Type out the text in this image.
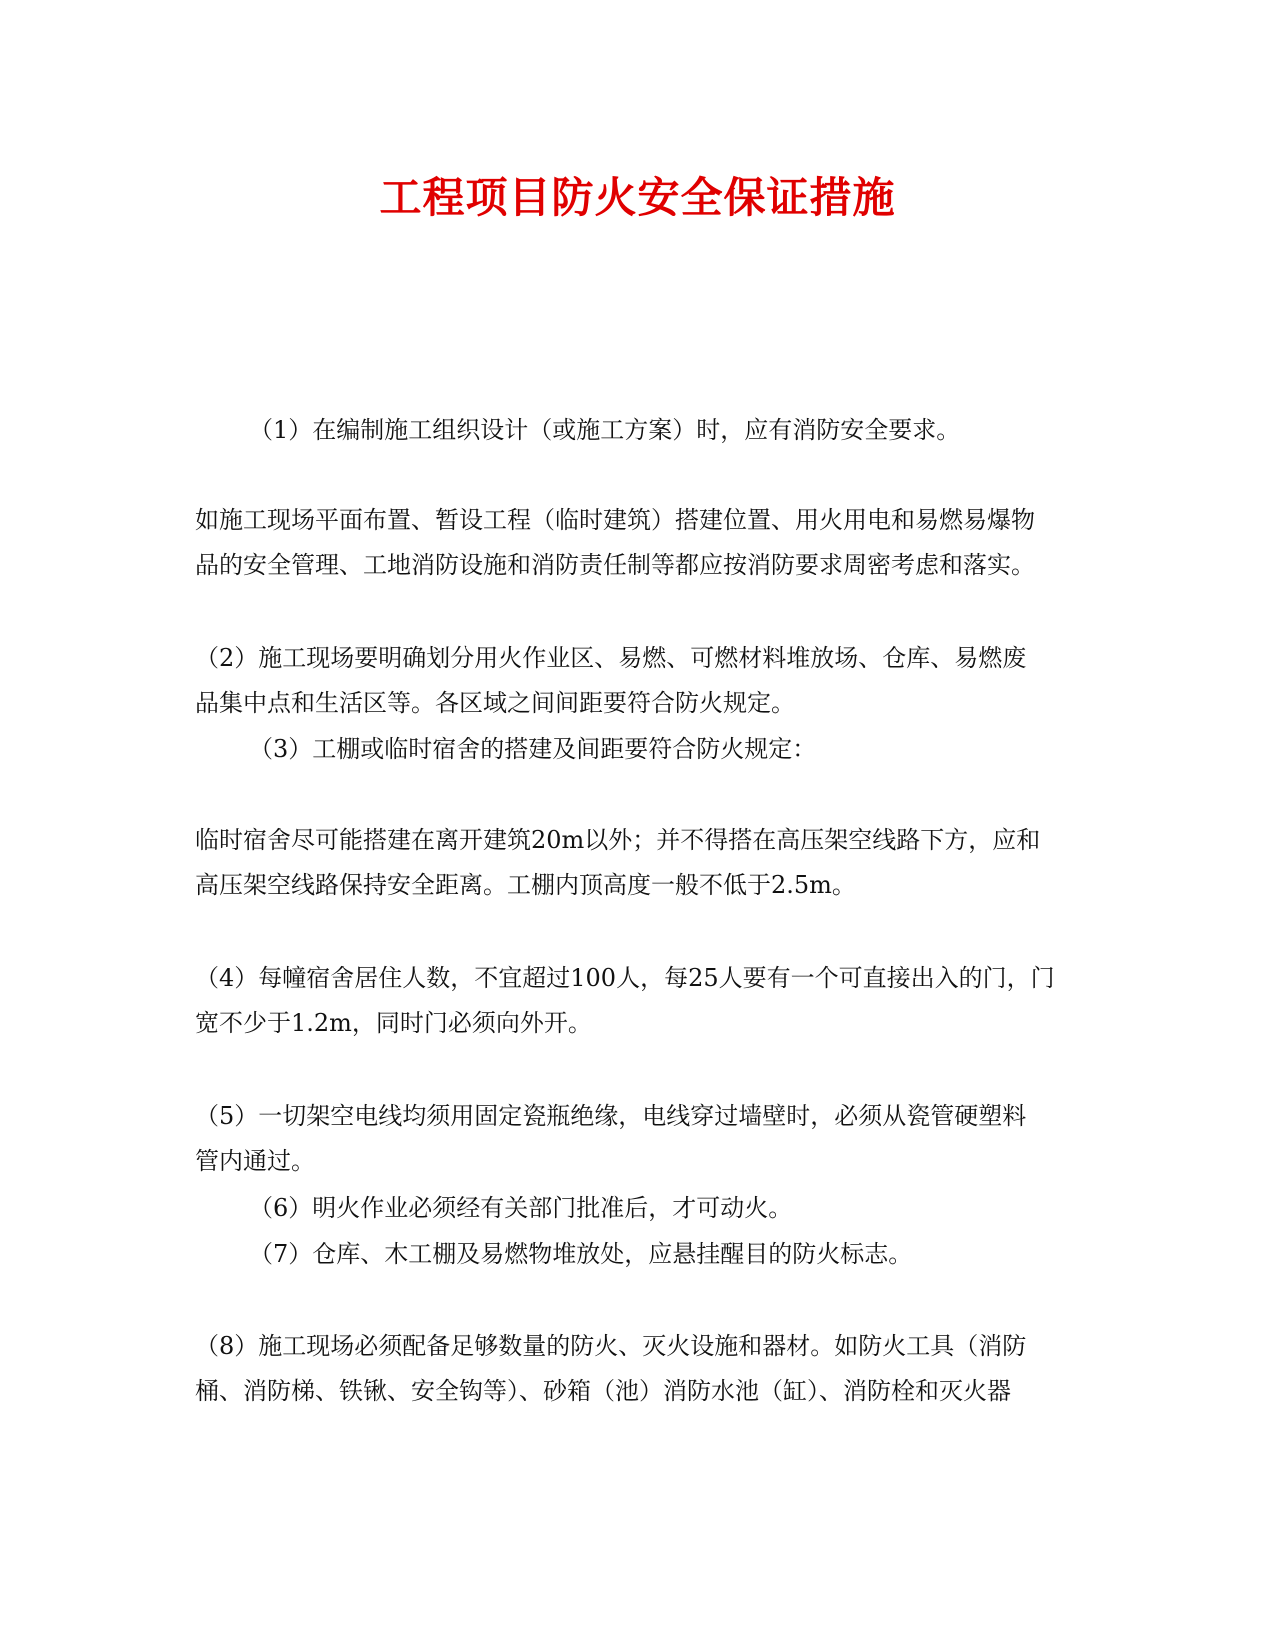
工程项目防火安全保证措施

（1）在编制施工组织设计（或施工方案）时，应有消防安全要求。

如施工现场平面布置、暂设工程（临时建筑）搭建位置、用火用电和易燃易爆物

品的安全管理、工地消防设施和消防责任制等都应按消防要求周密考虑和落实。

（2）施工现场要明确划分用火作业区、易燃、可燃材料堆放场、仓库、易燃废

品集中点和生活区等。各区域之间间距要符合防火规定。

（3）工棚或临时宿舍的搭建及间距要符合防火规定：

临时宿舍尽可能搭建在离开建筑20m以外；并不得搭在高压架空线路下方，应和

高压架空线路保持安全距离。工棚内顶高度一般不低于2.5m。

（4）每幢宿舍居住人数，不宜超过100人，每25人要有一个可直接出入的门，门

宽不少于1.2m，同时门必须向外开。

（5）一切架空电线均须用固定瓷瓶绝缘，电线穿过墙壁时，必须从瓷管硬塑料

管内通过。

（6）明火作业必须经有关部门批准后，才可动火。

（7）仓库、木工棚及易燃物堆放处，应悬挂醒目的防火标志。

（8）施工现场必须配备足够数量的防火、灭火设施和器材。如防火工具（消防

桶、消防梯、铁锹、安全钩等）、砂箱（池）消防水池（缸）、消防栓和灭火器
